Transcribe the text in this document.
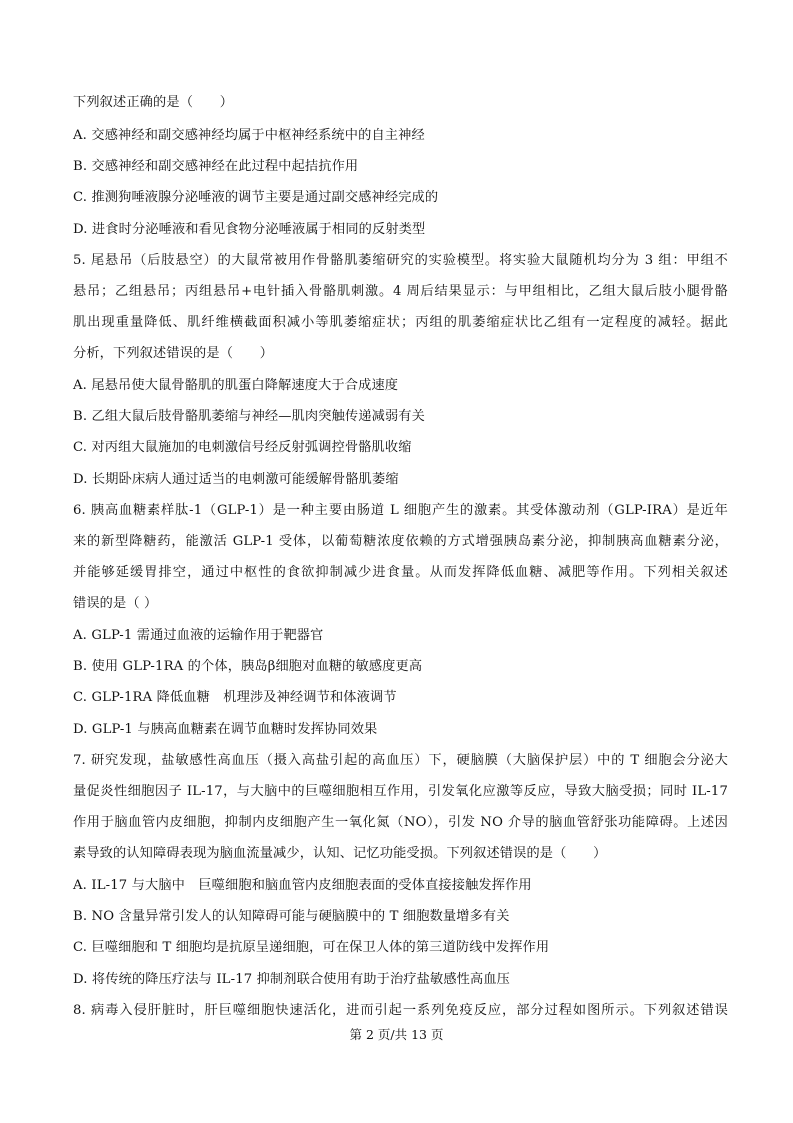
下列叙述正确的是（　　）
A. 交感神经和副交感神经均属于中枢神经系统中的自主神经
B. 交感神经和副交感神经在此过程中起拮抗作用
C. 推测狗唾液腺分泌唾液的调节主要是通过副交感神经完成的
D. 进食时分泌唾液和看见食物分泌唾液属于相同的反射类型
5. 尾悬吊（后肢悬空）的大鼠常被用作骨骼肌萎缩研究的实验模型。将实验大鼠随机均分为 3 组：甲组不
悬吊；乙组悬吊；丙组悬吊+电针插入骨骼肌刺激。4 周后结果显示：与甲组相比，乙组大鼠后肢小腿骨骼
肌出现重量降低、肌纤维横截面积减小等肌萎缩症状；丙组的肌萎缩症状比乙组有一定程度的减轻。据此
分析，下列叙述错误的是（　　）
A. 尾悬吊使大鼠骨骼肌的肌蛋白降解速度大于合成速度
B. 乙组大鼠后肢骨骼肌萎缩与神经—肌肉突触传递减弱有关
C. 对丙组大鼠施加的电刺激信号经反射弧调控骨骼肌收缩
D. 长期卧床病人通过适当的电刺激可能缓解骨骼肌萎缩
6. 胰高血糖素样肽-1（GLP-1）是一种主要由肠道 L 细胞产生的激素。其受体激动剂（GLP-IRA）是近年
来的新型降糖药，能激活 GLP-1 受体，以葡萄糖浓度依赖的方式增强胰岛素分泌，抑制胰高血糖素分泌，
并能够延缓胃排空，通过中枢性的食欲抑制减少进食量。从而发挥降低血糖、减肥等作用。下列相关叙述
错误的是（ ）
A. GLP-1 需通过血液的运输作用于靶器官
B. 使用 GLP-1RA 的个体，胰岛β细胞对血糖的敏感度更高
C. GLP-1RA 降低血糖　机理涉及神经调节和体液调节
D. GLP-1 与胰高血糖素在调节血糖时发挥协同效果
7. 研究发现，盐敏感性高血压（摄入高盐引起的高血压）下，硬脑膜（大脑保护层）中的 T 细胞会分泌大
量促炎性细胞因子 IL-17，与大脑中的巨噬细胞相互作用，引发氧化应激等反应，导致大脑受损；同时 IL-17
作用于脑血管内皮细胞，抑制内皮细胞产生一氧化氮（NO），引发 NO 介导的脑血管舒张功能障碍。上述因
素导致的认知障碍表现为脑血流量减少，认知、记忆功能受损。下列叙述错误的是（　　）
A. IL-17 与大脑中　巨噬细胞和脑血管内皮细胞表面的受体直接接触发挥作用
B. NO 含量异常引发人的认知障碍可能与硬脑膜中的 T 细胞数量增多有关
C. 巨噬细胞和 T 细胞均是抗原呈递细胞，可在保卫人体的第三道防线中发挥作用
D. 将传统的降压疗法与 IL-17 抑制剂联合使用有助于治疗盐敏感性高血压
8. 病毒入侵肝脏时，肝巨噬细胞快速活化，进而引起一系列免疫反应，部分过程如图所示。下列叙述错误
第 2 页/共 13 页
